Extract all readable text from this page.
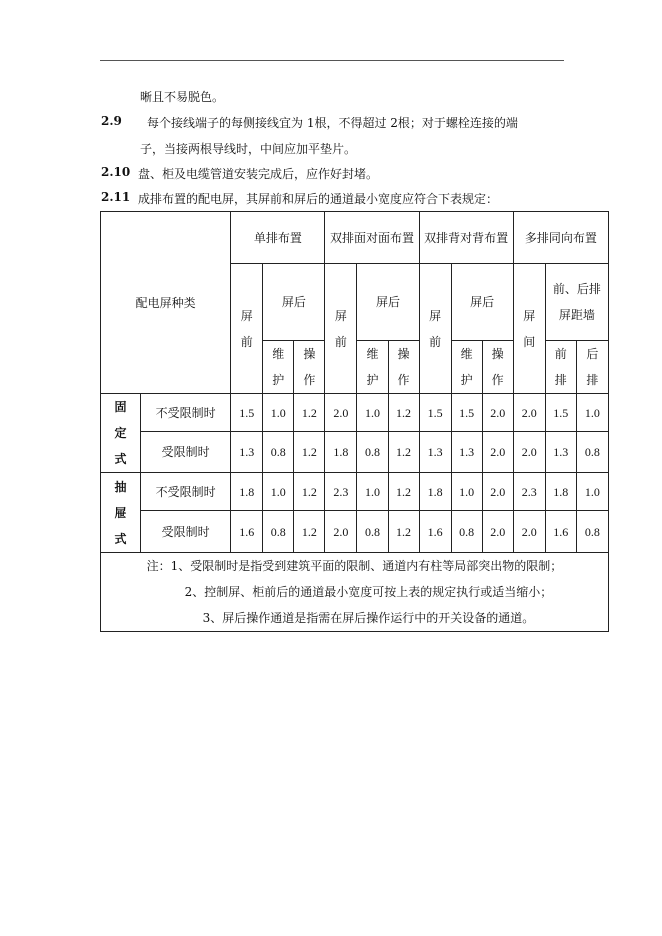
晰且不易脱色。
2.9 每个接线端子的每侧接线宜为 1根，不得超过 2根；对于螺栓连接的端
子，当接两根导线时，中间应加平垫片。
2.10 盘、柜及电缆管道安装完成后，应作好封堵。
2.11 成排布置的配电屏，其屏前和屏后的通道最小宽度应符合下表规定：
配电屏种类		单排布置			双排面对面布置			双排背对背布置			多排同向布置		

		屏前	屏后		屏前	屏后		屏前	屏后		屏间	前、后排屏距墙	

			维护	操作		维护	操作		维护	操作		前排	后排

固定式	不受限制时	1.5	1.0	1.2	2.0	1.0	1.2	1.5	1.5	2.0	2.0	1.5	1.0
	受限制时	1.3	0.8	1.2	1.8	0.8	1.2	1.3	1.3	2.0	2.0	1.3	0.8

抽屉式	不受限制时	1.8	1.0	1.2	2.3	1.0	1.2	1.8	1.0	2.0	2.3	1.8	1.0
	受限制时	1.6	0.8	1.2	2.0	0.8	1.2	1.6	0.8	2.0	2.0	1.6	0.8

注：1、受限制时是指受到建筑平面的限制、通道内有柱等局部突出物的限制；
2、控制屏、柜前后的通道最小宽度可按上表的规定执行或适当缩小；
3、屏后操作通道是指需在屏后操作运行中的开关设备的通道。													
